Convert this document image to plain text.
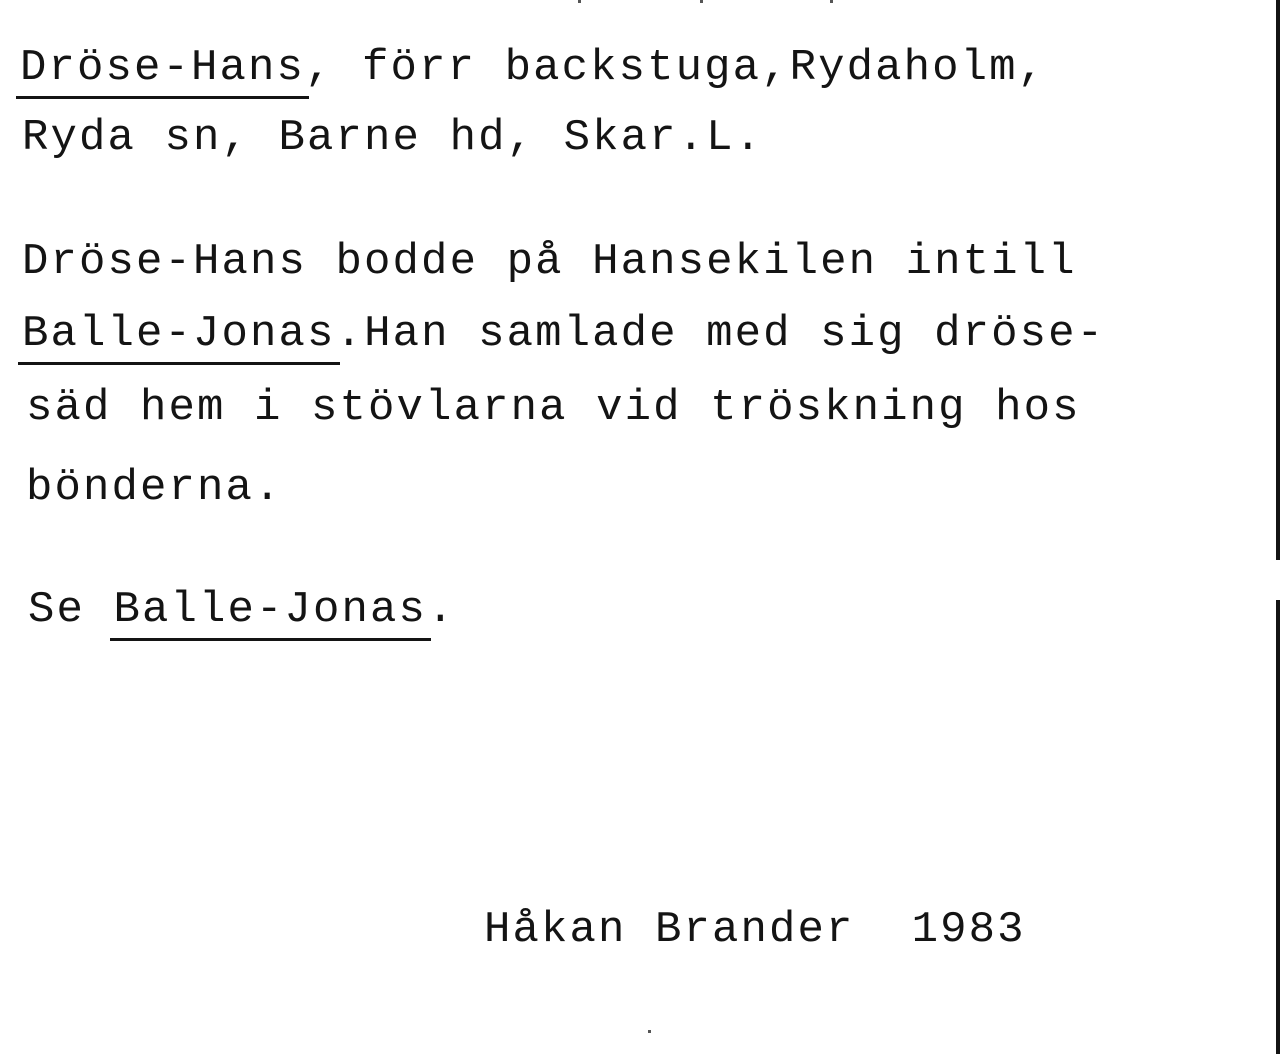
Dröse-Hans, förr backstuga,Rydaholm,
Ryda sn, Barne hd, Skar.L.
Dröse-Hans bodde på Hansekilen intill
Balle-Jonas.Han samlade med sig dröse-
säd hem i stövlarna vid tröskning hos
bönderna.
Se Balle-Jonas.
Håkan Brander 1983
